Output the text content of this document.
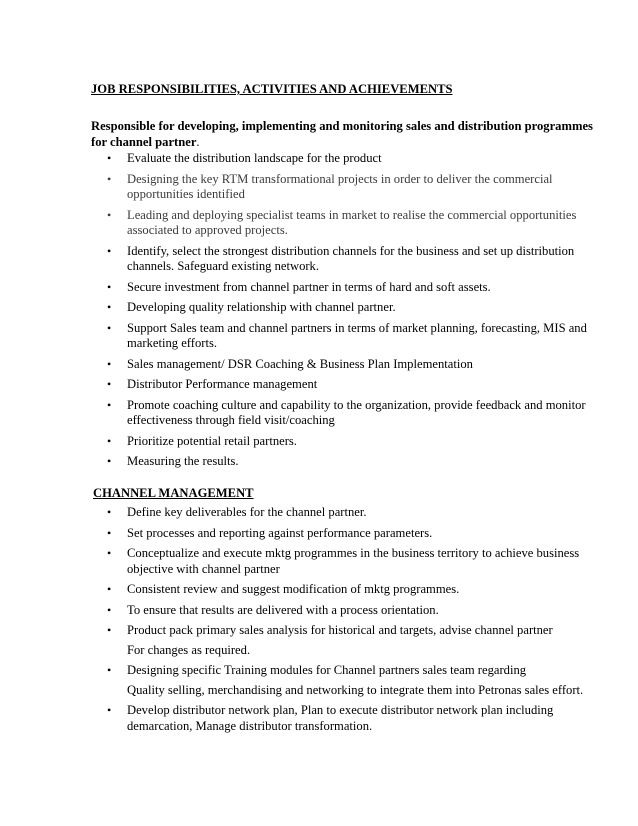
JOB RESPONSIBILITIES, ACTIVITIES AND ACHIEVEMENTS
Responsible for developing, implementing and monitoring sales and distribution programmes for channel partner.
• Evaluate the distribution landscape for the product
• Designing the key RTM transformational projects in order to deliver the commercial opportunities identified
• Leading and deploying specialist teams in market to realise the commercial opportunities associated to approved projects.
• Identify, select the strongest distribution channels for the business and set up distribution channels. Safeguard existing network.
• Secure investment from channel partner in terms of hard and soft assets.
• Developing quality relationship with channel partner.
• Support Sales team and channel partners in terms of market planning, forecasting, MIS and marketing efforts.
• Sales management/ DSR Coaching & Business Plan Implementation
• Distributor Performance management
• Promote coaching culture and capability to the organization, provide feedback and monitor effectiveness through field visit/coaching
• Prioritize potential retail partners.
• Measuring the results.
CHANNEL MANAGEMENT
• Define key deliverables for the channel partner.
• Set processes and reporting against performance parameters.
• Conceptualize and execute mktg programmes in the business territory to achieve business objective with channel partner
• Consistent review and suggest modification of mktg programmes.
• To ensure that results are delivered with a process orientation.
• Product pack primary sales analysis for historical and targets, advise channel partner
For changes as required.
• Designing specific Training modules for Channel partners sales team regarding
Quality selling, merchandising and networking to integrate them into Petronas sales effort.
• Develop distributor network plan, Plan to execute distributor network plan including demarcation, Manage distributor transformation.
